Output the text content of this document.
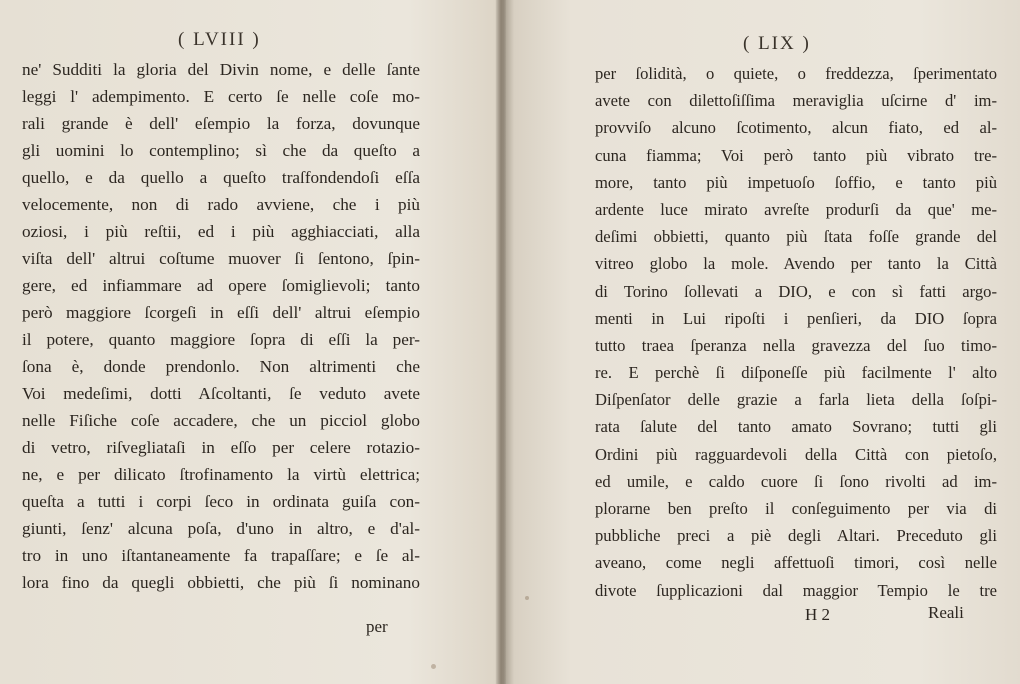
( LVIII )
ne' Sudditi la gloria del Divin nome, e delle ſante
leggi l' adempimento. E certo ſe nelle coſe mo-
rali grande è dell' eſempio la forza, dovunque
gli uomini lo contemplino; sì che da queſto a
quello, e da quello a queſto traſfondendoſi eſſa
velocemente, non di rado avviene, che i più
oziosi, i più reſtii, ed i più agghiacciati, alla
viſta dell' altrui coſtume muover ſi ſentono, ſpin-
gere, ed infiammare ad opere ſomiglievoli; tanto
però maggiore ſcorgeſi in eſſi dell' altrui eſempio
il potere, quanto maggiore ſopra di eſſi la per-
ſona è, donde prendonlo. Non altrimenti che
Voi medeſimi, dotti Aſcoltanti, ſe veduto avete
nelle Fiſiche coſe accadere, che un picciol globo
di vetro, riſvegliataſi in eſſo per celere rotazio-
ne, e per dilicato ſtrofinamento la virtù elettrica;
queſta a tutti i corpi ſeco in ordinata guiſa con-
giunti, ſenz' alcuna poſa, d'uno in altro, e d'al-
tro in uno iſtantaneamente fa trapaſſare; e ſe al-
lora fino da quegli obbietti, che più ſi nominano
per
( LIX )
per ſolidità, o quiete, o freddezza, ſperimentato
avete con dilettoſiſſima meraviglia uſcirne d' im-
provviſo alcuno ſcotimento, alcun fiato, ed al-
cuna fiamma; Voi però tanto più vibrato tre-
more, tanto più impetuoſo ſoffio, e tanto più
ardente luce mirato avreſte produrſi da que' me-
deſimi obbietti, quanto più ſtata foſſe grande del
vitreo globo la mole. Avendo per tanto la Città
di Torino ſollevati a DIO, e con sì fatti argo-
menti in Lui ripoſti i penſieri, da DIO ſopra
tutto traea ſperanza nella gravezza del ſuo timo-
re. E perchè ſi diſponeſſe più facilmente l' alto
Diſpenſator delle grazie a farla lieta della ſoſpi-
rata ſalute del tanto amato Sovrano; tutti gli
Ordini più ragguardevoli della Città con pietoſo,
ed umile, e caldo cuore ſi ſono rivolti ad im-
plorarne ben preſto il conſeguimento per via di
pubbliche preci a piè degli Altari. Preceduto gli
aveano, come negli affettuoſi timori, così nelle
divote ſupplicazioni dal maggior Tempio le tre
H 2	Reali
